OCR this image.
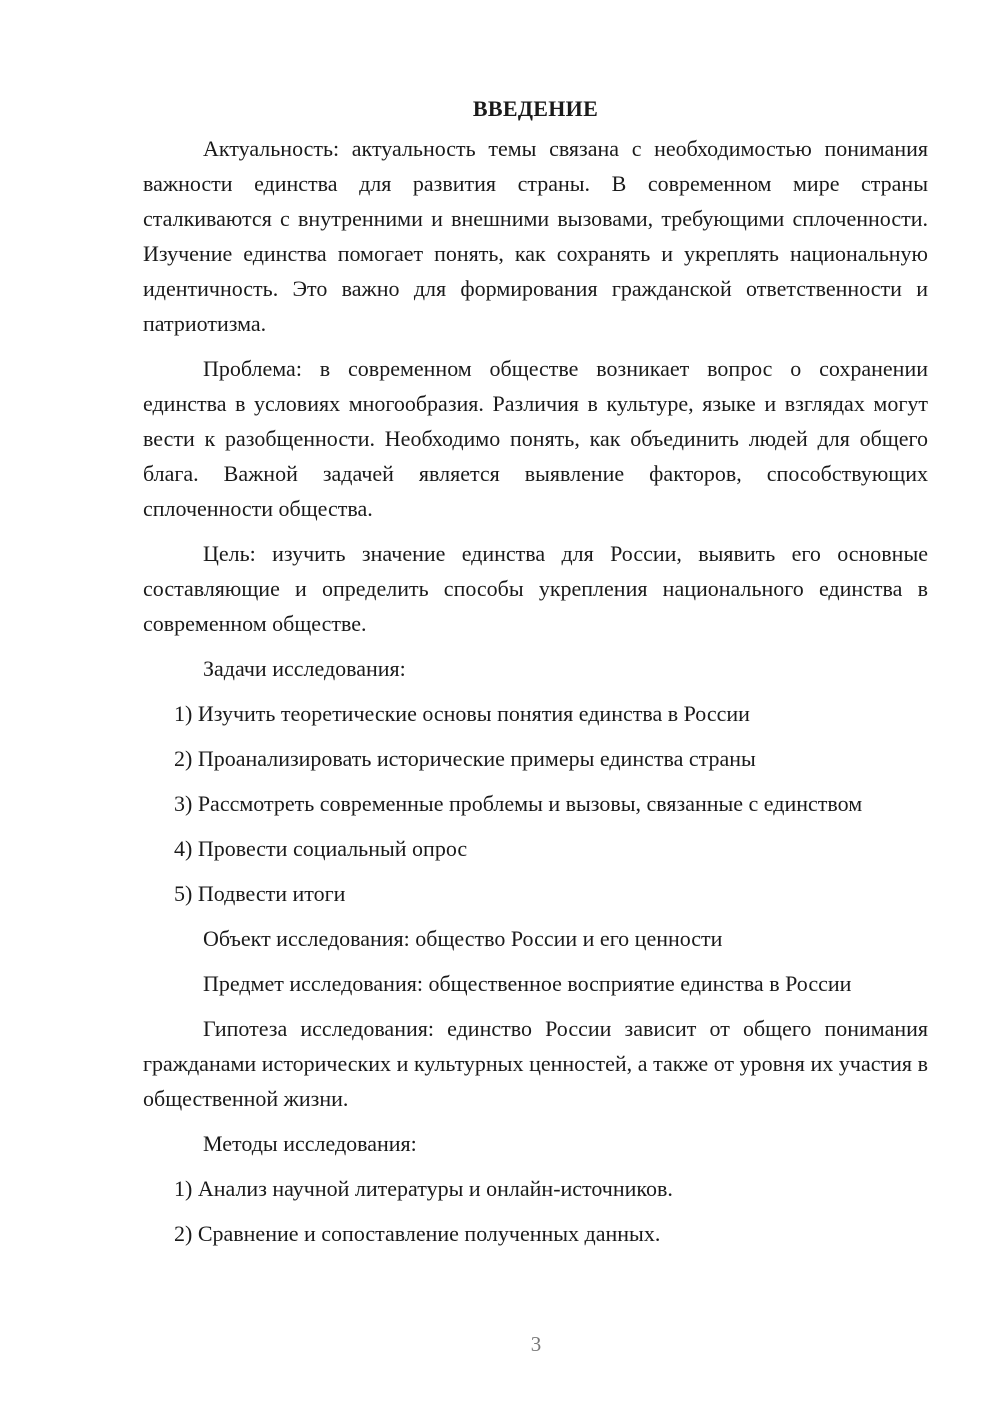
ВВЕДЕНИЕ
Актуальность: актуальность темы связана с необходимостью понимания важности единства для развития страны. В современном мире страны сталкиваются с внутренними и внешними вызовами, требующими сплоченности. Изучение единства помогает понять, как сохранять и укреплять национальную идентичность. Это важно для формирования гражданской ответственности и патриотизма.
Проблема: в современном обществе возникает вопрос о сохранении единства в условиях многообразия. Различия в культуре, языке и взглядах могут вести к разобщенности. Необходимо понять, как объединить людей для общего блага. Важной задачей является выявление факторов, способствующих сплоченности общества.
Цель: изучить значение единства для России, выявить его основные составляющие и определить способы укрепления национального единства в современном обществе.
Задачи исследования:
1) Изучить теоретические основы понятия единства в России
2) Проанализировать исторические примеры единства страны
3) Рассмотреть современные проблемы и вызовы, связанные с единством
4) Провести социальный опрос
5) Подвести итоги
Объект исследования: общество России и его ценности
Предмет исследования: общественное восприятие единства в России
Гипотеза исследования: единство России зависит от общего понимания гражданами исторических и культурных ценностей, а также от уровня их участия в общественной жизни.
Методы исследования:
1) Анализ научной литературы и онлайн-источников.
2) Сравнение и сопоставление полученных данных.
3
